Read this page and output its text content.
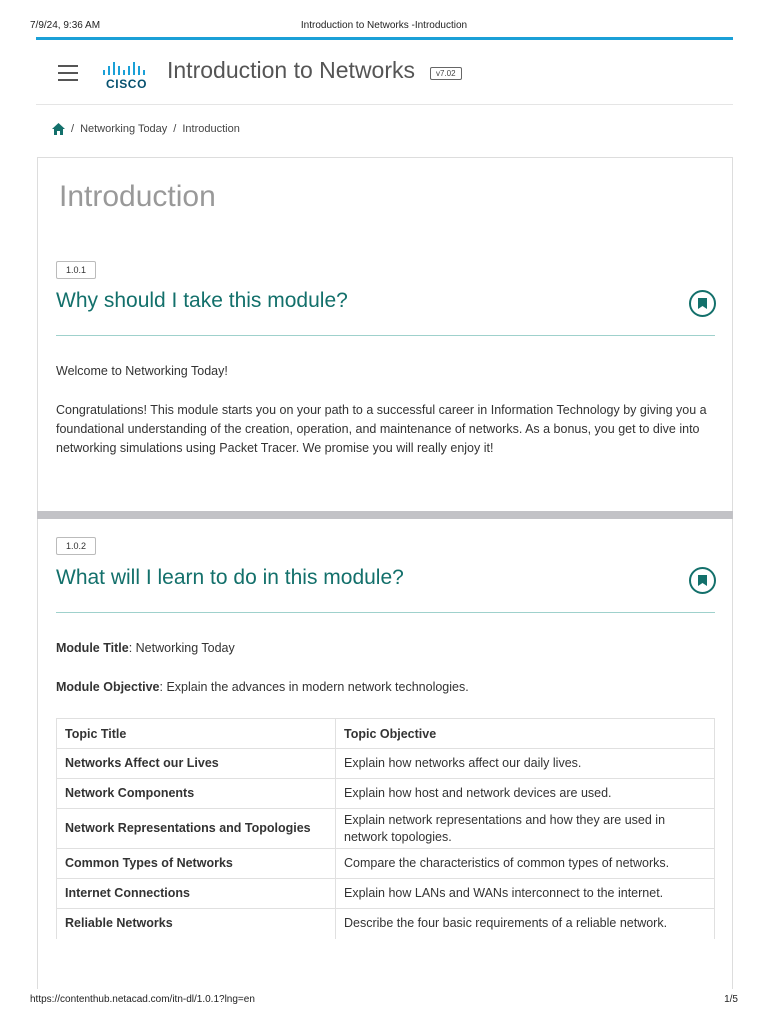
7/9/24, 9:36 AM	Introduction to Networks -Introduction
CISCO
Introduction to Networks	v7.02
/ Networking Today / Introduction
Introduction
1.0.1
Why should I take this module?

Welcome to Networking Today!

Congratulations! This module starts you on your path to a successful career in Information Technology by giving you a foundational understanding of the creation, operation, and maintenance of networks. As a bonus, you get to dive into networking simulations using Packet Tracer. We promise you will really enjoy it!

1.0.2
What will I learn to do in this module?

Module Title: Networking Today

Module Objective: Explain the advances in modern network technologies.

Topic Title	Topic Objective
Networks Affect our Lives	Explain how networks affect our daily lives.
Network Components	Explain how host and network devices are used.
Network Representations and Topologies	Explain network representations and how they are used in network topologies.
Common Types of Networks	Compare the characteristics of common types of networks.
Internet Connections	Explain how LANs and WANs interconnect to the internet.
Reliable Networks	Describe the four basic requirements of a reliable network.
https://contenthub.netacad.com/itn-dl/1.0.1?lng=en	1/5
